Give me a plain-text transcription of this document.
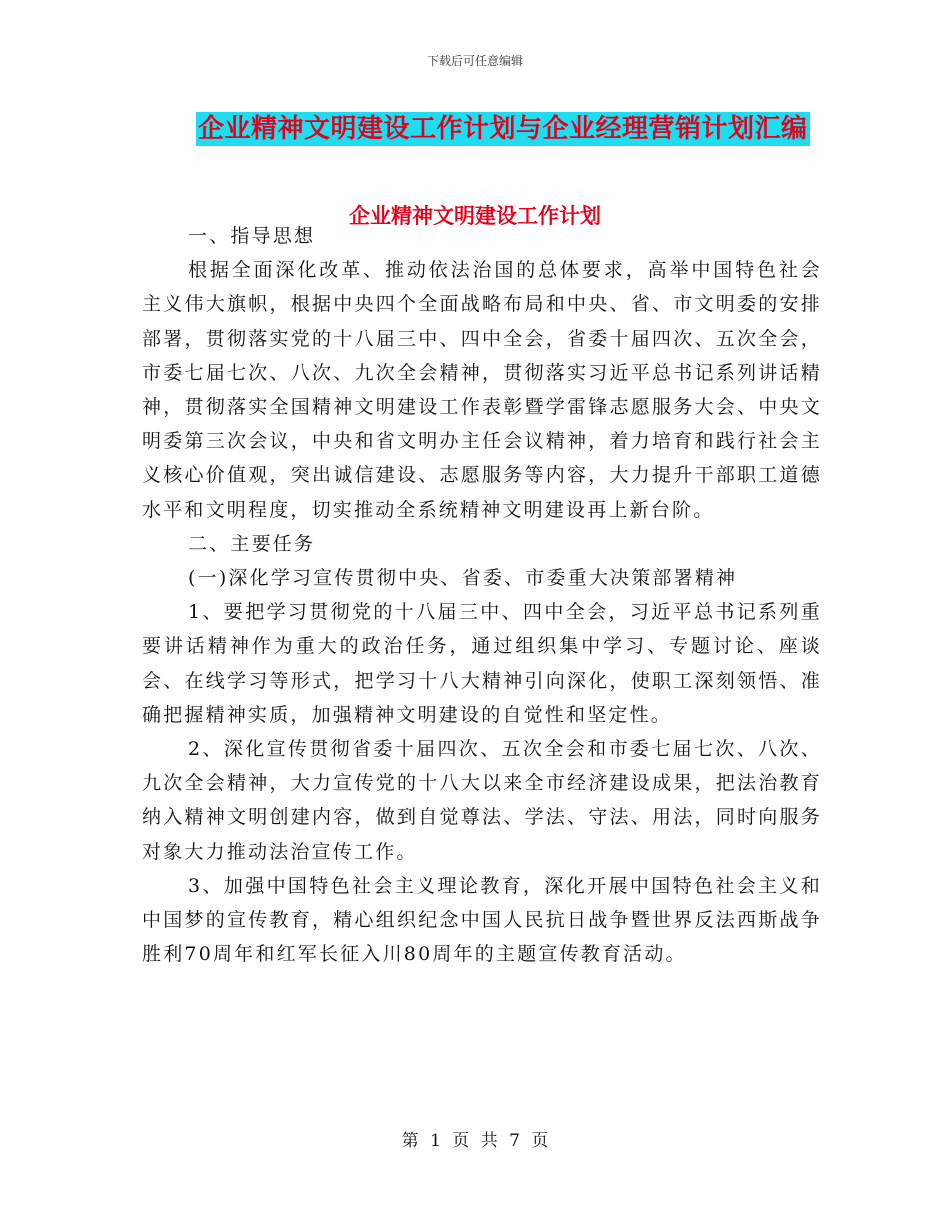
下载后可任意编辑
企业精神文明建设工作计划与企业经理营销计划汇编
企业精神文明建设工作计划

一、指导思想

根据全面深化改革、推动依法治国的总体要求，高举中国特色社会主义伟大旗帜，根据中央四个全面战略布局和中央、省、市文明委的安排部署，贯彻落实党的十八届三中、四中全会，省委十届四次、五次全会，市委七届七次、八次、九次全会精神，贯彻落实习近平总书记系列讲话精神，贯彻落实全国精神文明建设工作表彰暨学雷锋志愿服务大会、中央文明委第三次会议，中央和省文明办主任会议精神，着力培育和践行社会主义核心价值观，突出诚信建设、志愿服务等内容，大力提升干部职工道德水平和文明程度，切实推动全系统精神文明建设再上新台阶。

二、主要任务

(一)深化学习宣传贯彻中央、省委、市委重大决策部署精神

1、要把学习贯彻党的十八届三中、四中全会，习近平总书记系列重要讲话精神作为重大的政治任务，通过组织集中学习、专题讨论、座谈会、在线学习等形式，把学习十八大精神引向深化，使职工深刻领悟、准确把握精神实质，加强精神文明建设的自觉性和坚定性。

2、深化宣传贯彻省委十届四次、五次全会和市委七届七次、八次、九次全会精神，大力宣传党的十八大以来全市经济建设成果，把法治教育纳入精神文明创建内容，做到自觉尊法、学法、守法、用法，同时向服务对象大力推动法治宣传工作。

3、加强中国特色社会主义理论教育，深化开展中国特色社会主义和中国梦的宣传教育，精心组织纪念中国人民抗日战争暨世界反法西斯战争胜利70周年和红军长征入川80周年的主题宣传教育活动。

第 1 页 共 7 页
